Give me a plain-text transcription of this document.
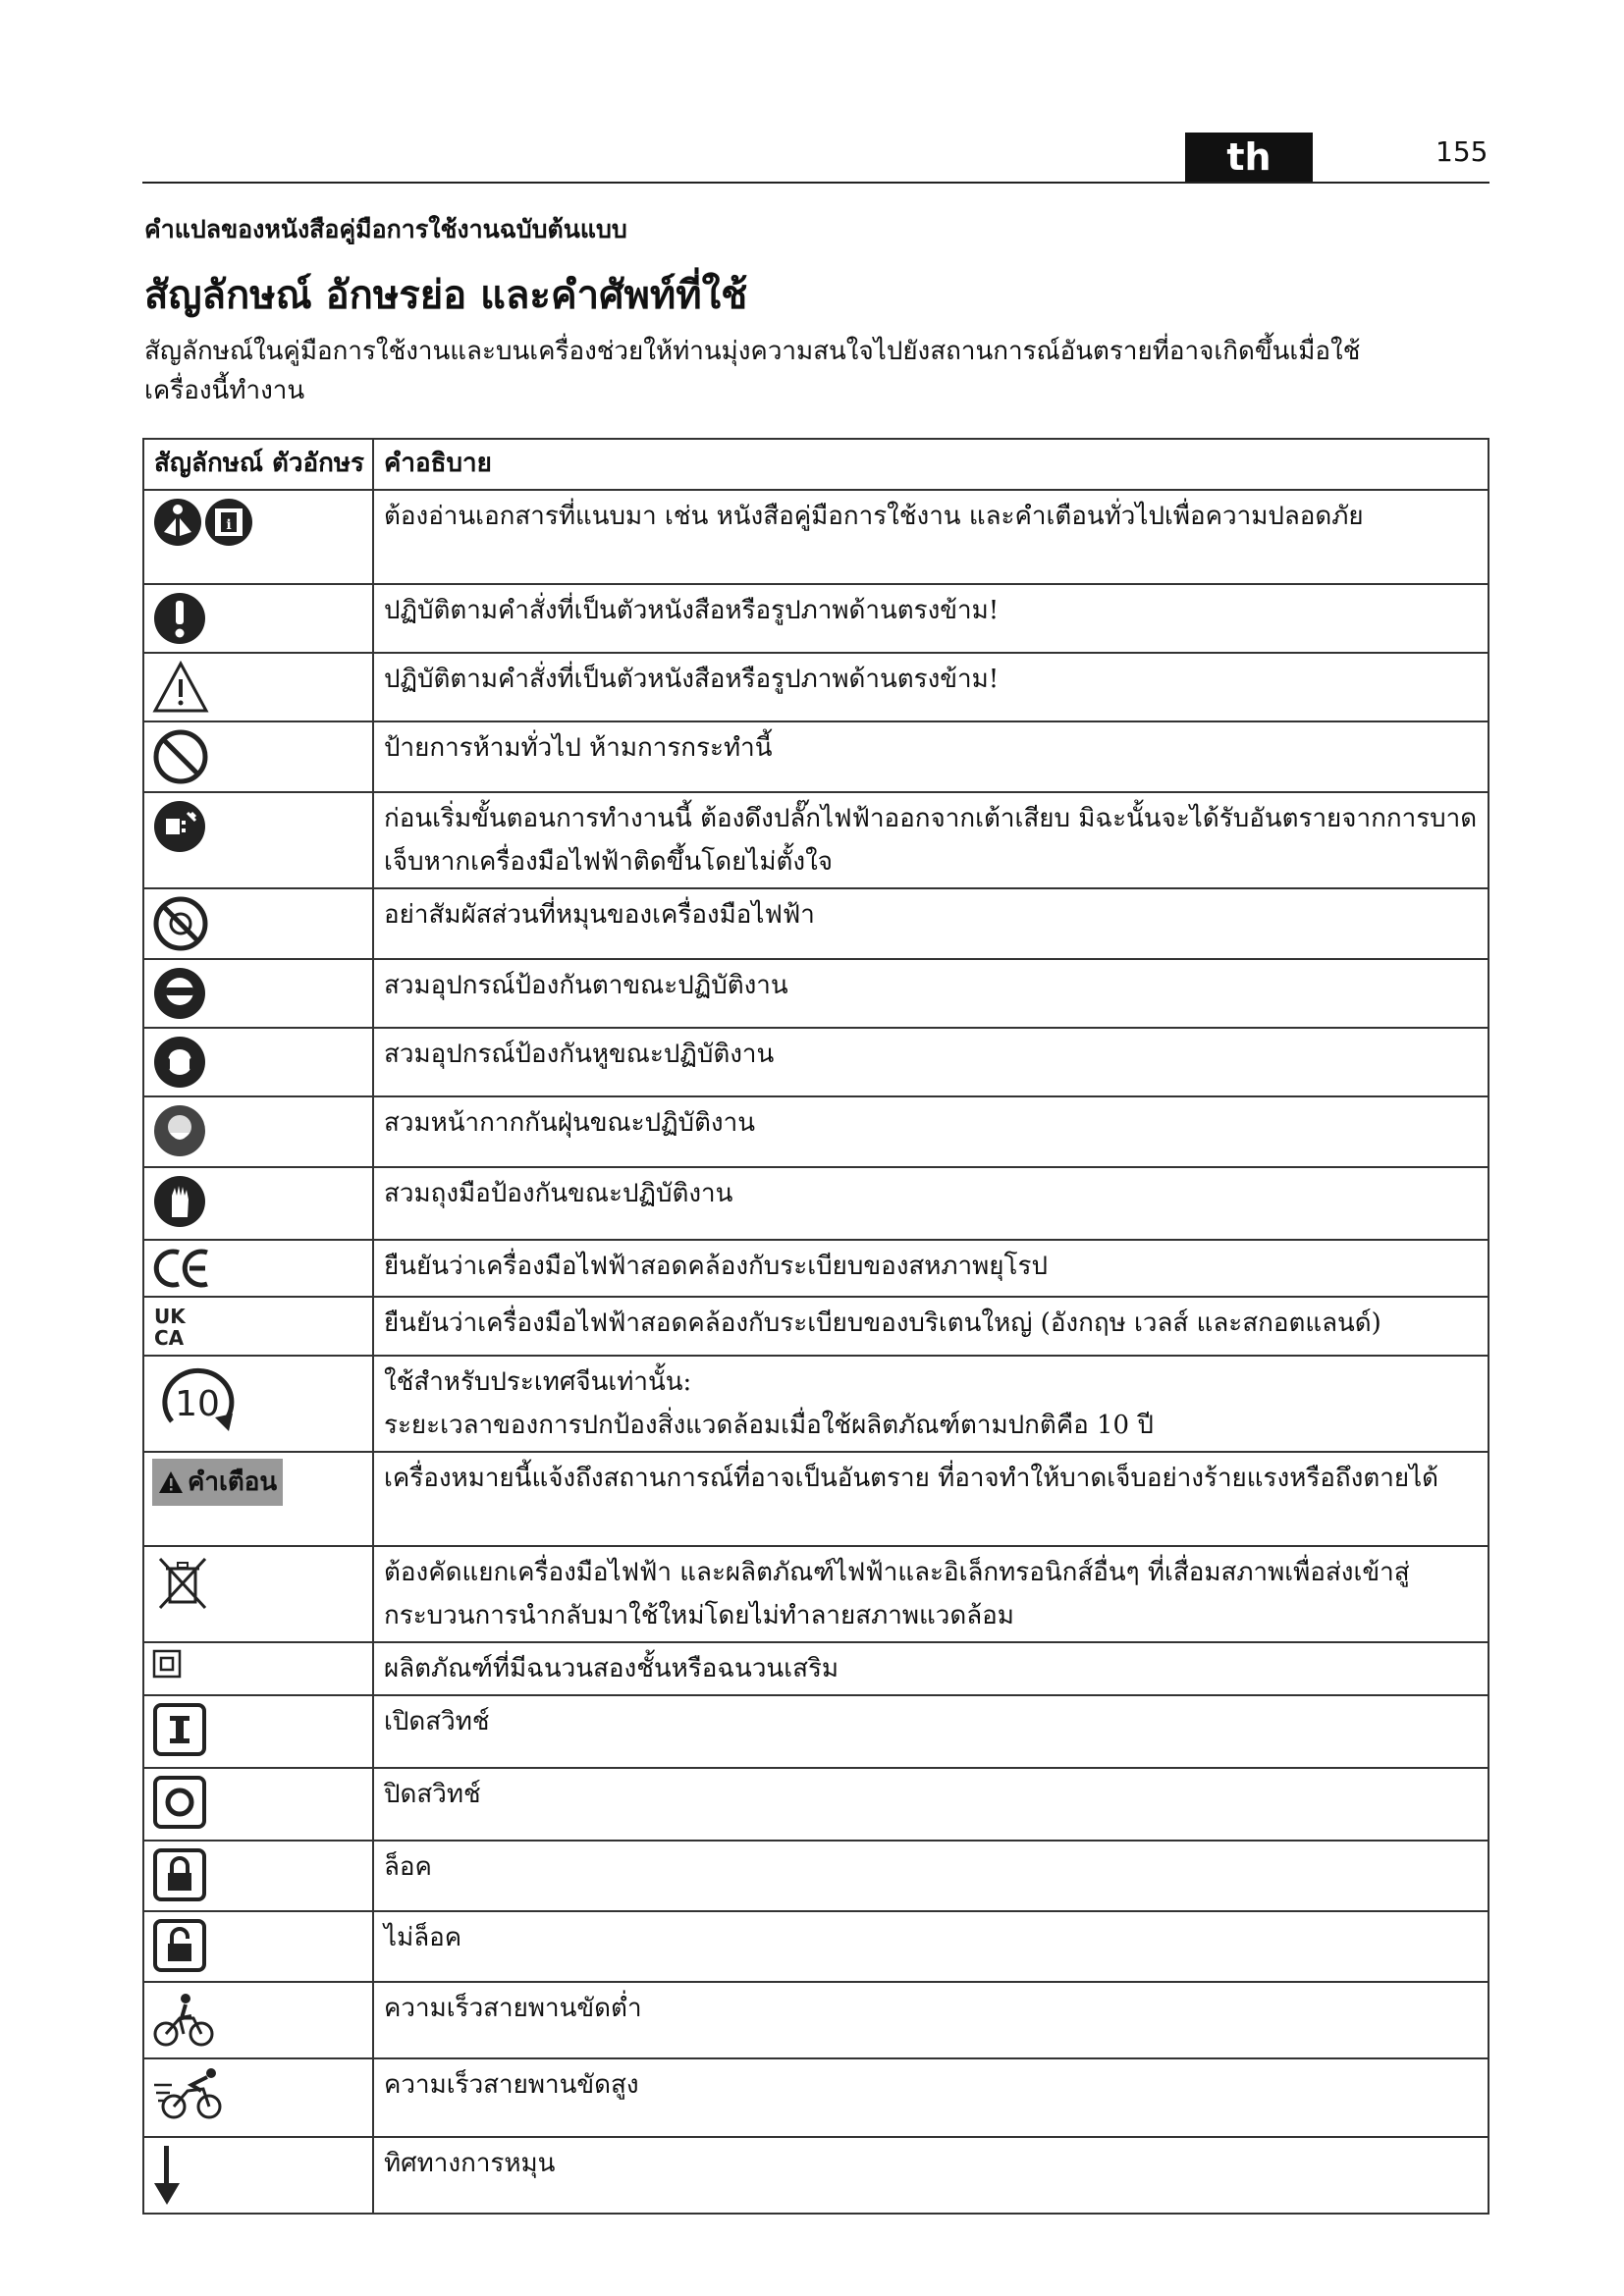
th	155
คำแปลของหนังสือคู่มือการใช้งานฉบับต้นแบบ
สัญลักษณ์ อักษรย่อ และคำศัพท์ที่ใช้
สัญลักษณ์ในคู่มือการใช้งานและบนเครื่องช่วยให้ท่านมุ่งความสนใจไปยังสถานการณ์อันตรายที่อาจเกิดขึ้นเมื่อใช้เครื่องนี้ทำงาน
สัญลักษณ์ ตัวอักษร	คำอธิบาย

i	ต้องอ่านเอกสารที่แนบมา เช่น หนังสือคู่มือการใช้งาน และคำเตือนทั่วไปเพื่อความปลอดภัย

	ปฏิบัติตามคำสั่งที่เป็นตัวหนังสือหรือรูปภาพด้านตรงข้าม!

	ปฏิบัติตามคำสั่งที่เป็นตัวหนังสือหรือรูปภาพด้านตรงข้าม!

	ป้ายการห้ามทั่วไป ห้ามการกระทำนี้

	ก่อนเริ่มขั้นตอนการทำงานนี้ ต้องดึงปลั๊กไฟฟ้าออกจากเต้าเสียบ มิฉะนั้นจะได้รับอันตรายจากการบาดเจ็บหากเครื่องมือไฟฟ้าติดขึ้นโดยไม่ตั้งใจ

	อย่าสัมผัสส่วนที่หมุนของเครื่องมือไฟฟ้า

	สวมอุปกรณ์ป้องกันตาขณะปฏิบัติงาน

	สวมอุปกรณ์ป้องกันหูขณะปฏิบัติงาน

	สวมหน้ากากกันฝุ่นขณะปฏิบัติงาน

	สวมถุงมือป้องกันขณะปฏิบัติงาน

	ยืนยันว่าเครื่องมือไฟฟ้าสอดคล้องกับระเบียบของสหภาพยุโรป

UK
CA	ยืนยันว่าเครื่องมือไฟฟ้าสอดคล้องกับระเบียบของบริเตนใหญ่ (อังกฤษ เวลส์ และสกอตแลนด์)

10	ใช้สำหรับประเทศจีนเท่านั้น:
ระยะเวลาของการปกป้องสิ่งแวดล้อมเมื่อใช้ผลิตภัณฑ์ตามปกติคือ 10 ปี

คำเตือน	เครื่องหมายนี้แจ้งถึงสถานการณ์ที่อาจเป็นอันตราย ที่อาจทำให้บาดเจ็บอย่างร้ายแรงหรือถึงตายได้

	ต้องคัดแยกเครื่องมือไฟฟ้า และผลิตภัณฑ์ไฟฟ้าและอิเล็กทรอนิกส์อื่นๆ ที่เสื่อมสภาพเพื่อส่งเข้าสู่กระบวนการนำกลับมาใช้ใหม่โดยไม่ทำลายสภาพแวดล้อม

	ผลิตภัณฑ์ที่มีฉนวนสองชั้นหรือฉนวนเสริม

	เปิดสวิทช์

	ปิดสวิทช์

	ล็อค

	ไม่ล็อค

	ความเร็วสายพานขัดต่ำ

	ความเร็วสายพานขัดสูง

	ทิศทางการหมุน
